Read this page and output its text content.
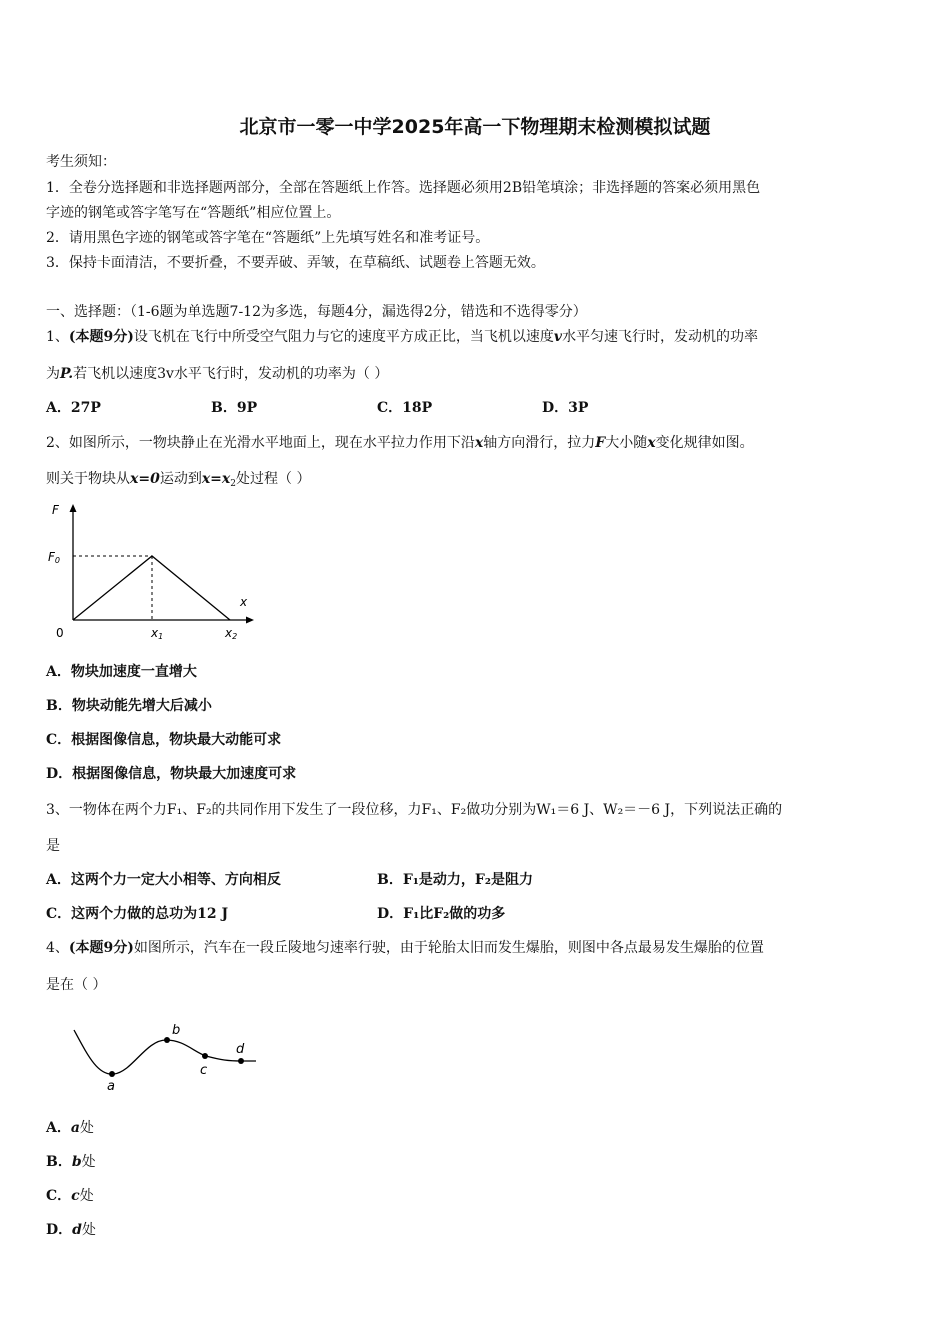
北京市一零一中学2025年高一下物理期末检测模拟试题
考生须知：
1．全卷分选择题和非选择题两部分，全部在答题纸上作答。选择题必须用2B铅笔填涂；非选择题的答案必须用黑色
字迹的钢笔或答字笔写在“答题纸”相应位置上。
2．请用黑色字迹的钢笔或答字笔在“答题纸”上先填写姓名和准考证号。
3．保持卡面清洁，不要折叠，不要弄破、弄皱，在草稿纸、试题卷上答题无效。
一、选择题：（1-6题为单选题7-12为多选，每题4分，漏选得2分，错选和不选得零分）
1、(本题9分)设飞机在飞行中所受空气阻力与它的速度平方成正比，当飞机以速度v水平匀速飞行时，发动机的功率
为P.若飞机以速度3v水平飞行时，发动机的功率为（ ）
A．27P	B．9P	C．18P	D．3P
2、如图所示，一物块静止在光滑水平地面上，现在水平拉力作用下沿x轴方向滑行，拉力F大小随x变化规律如图。
则关于物块从x=0运动到$x=x_2$处过程（ ）
F
F0
x
0	x1	x2
A．物块加速度一直增大
B．物块动能先增大后减小
C．根据图像信息，物块最大动能可求
D．根据图像信息，物块最大加速度可求
3、一物体在两个力F₁、F₂的共同作用下发生了一段位移，力F₁、F₂做功分别为W₁＝6 J、W₂＝－6 J，下列说法正确的
是
A．这两个力一定大小相等、方向相反	B．F₁是动力，F₂是阻力
C．这两个力做的总功为12 J	D．F₁比F₂做的功多
4、(本题9分)如图所示，汽车在一段丘陵地匀速率行驶，由于轮胎太旧而发生爆胎，则图中各点最易发生爆胎的位置
是在（ ）
a
b
c
d
A．a处
B．b处
C．c处
D．d处
